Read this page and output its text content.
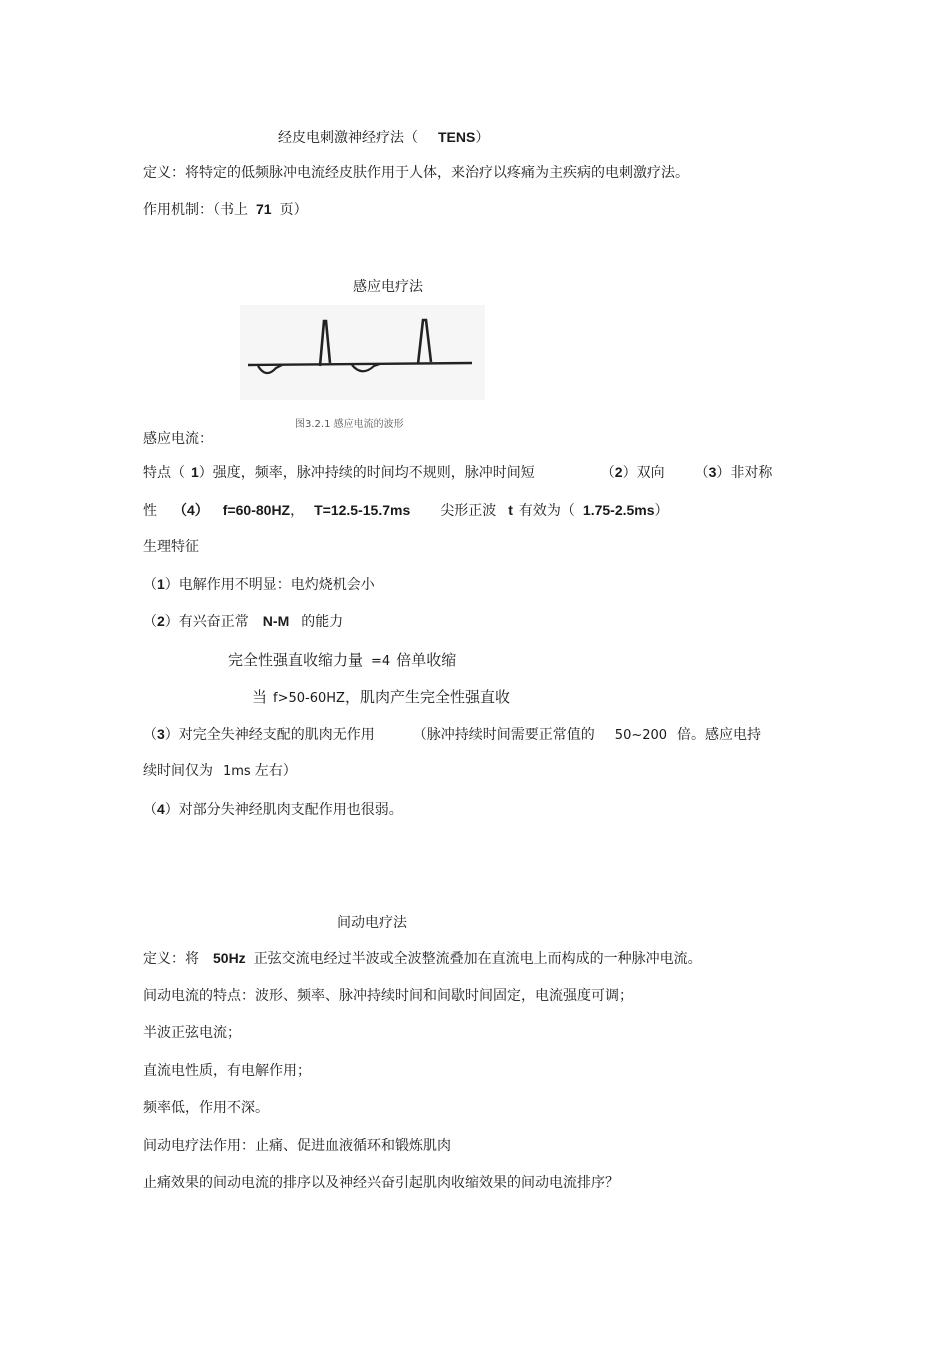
经皮电刺激神经疗法（ TENS）
定义：将特定的低频脉冲电流经皮肤作用于人体，来治疗以疼痛为主疾病的电刺激疗法。
作用机制：（书上 71 页）
感应电疗法
图3.2.1 感应电流的波形
感应电流：
特点（ 1）强度，频率，脉冲持续的时间均不规则，脉冲时间短	（2）双向 （3）非对称
性 （4） f=60-80HZ， T=12.5-15.7ms 尖形正波 t 有效为（ 1.75-2.5ms）
生理特征
（1）电解作用不明显：电灼烧机会小
（2）有兴奋正常 N-M 的能力
完全性强直收缩力量 =4 倍单收缩
当 f>50-60HZ，肌肉产生完全性强直收
（3）对完全失神经支配的肌肉无作用	（脉冲持续时间需要正常值的 50~200 倍。感应电持
续时间仅为 1ms 左右）
（4）对部分失神经肌肉支配作用也很弱。
间动电疗法
定义：将 50Hz 正弦交流电经过半波或全波整流叠加在直流电上而构成的一种脉冲电流。
间动电流的特点：波形、频率、脉冲持续时间和间歇时间固定，电流强度可调；
半波正弦电流；
直流电性质，有电解作用；
频率低，作用不深。
间动电疗法作用：止痛、促进血液循环和锻炼肌肉
止痛效果的间动电流的排序以及神经兴奋引起肌肉收缩效果的间动电流排序？
